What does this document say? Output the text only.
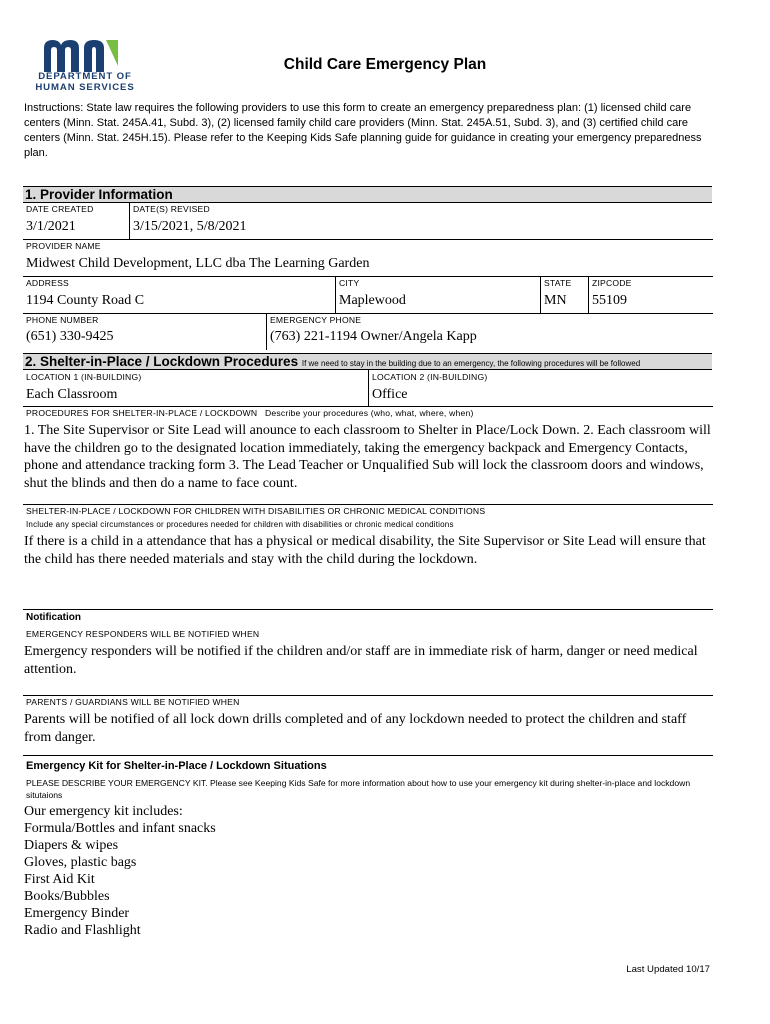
DEPARTMENT OF
HUMAN SERVICES
Child Care Emergency Plan
Instructions: State law requires the following providers to use this form to create an emergency preparedness plan: (1) licensed child care centers (Minn. Stat. 245A.41, Subd. 3), (2) licensed family child care providers (Minn. Stat. 245A.51, Subd. 3), and (3) certified child care centers (Minn. Stat. 245H.15). Please refer to the Keeping Kids Safe planning guide for guidance in creating your emergency preparedness plan.
1. Provider Information
DATE CREATED	DATE(S) REVISED
3/1/2021	3/15/2021, 5/8/2021
PROVIDER NAME
Midwest Child Development, LLC dba The Learning Garden
ADDRESS	CITY	STATE ZIPCODE
1194 County Road C	Maplewood	MN 55109
PHONE NUMBER	EMERGENCY PHONE
(651) 330-9425	(763) 221-1194 Owner/Angela Kapp
2. Shelter-in-Place / Lockdown Procedures If we need to stay in the building due to an emergency, the following procedures will be followed
LOCATION 1 (IN-BUILDING)	LOCATION 2 (IN-BUILDING)
Each Classroom	Office
PROCEDURES FOR SHELTER-IN-PLACE / LOCKDOWN Describe your procedures (who, what, where, when)
1. The Site Supervisor or Site Lead will anounce to each classroom to Shelter in Place/Lock Down. 2. Each classroom will have the children go to the designated location immediately, taking the emergency backpack and Emergency Contacts, phone and attendance tracking form 3. The Lead Teacher or Unqualified Sub will lock the classroom doors and windows, shut the blinds and then do a name to face count.
SHELTER-IN-PLACE / LOCKDOWN FOR CHILDREN WITH DISABILITIES OR CHRONIC MEDICAL CONDITIONS
Include any special circumstances or procedures needed for children with disabilities or chronic medical conditions
If there is a child in a attendance that has a physical or medical disability, the Site Supervisor or Site Lead will ensure that the child has there needed materials and stay with the child during the lockdown.
Notification
EMERGENCY RESPONDERS WILL BE NOTIFIED WHEN
Emergency responders will be notified if the children and/or staff are in immediate risk of harm, danger or need medical attention.
PARENTS / GUARDIANS WILL BE NOTIFIED WHEN
Parents will be notified of all lock down drills completed and of any lockdown needed to protect the children and staff from danger.
Emergency Kit for Shelter-in-Place / Lockdown Situations
PLEASE DESCRIBE YOUR EMERGENCY KIT. Please see Keeping Kids Safe for more information about how to use your emergency kit during shelter-in-place and lockdown situtaions
Our emergency kit includes:
Formula/Bottles and infant snacks
Diapers & wipes
Gloves, plastic bags
First Aid Kit
Books/Bubbles
Emergency Binder
Radio and Flashlight
Last Updated 10/17
